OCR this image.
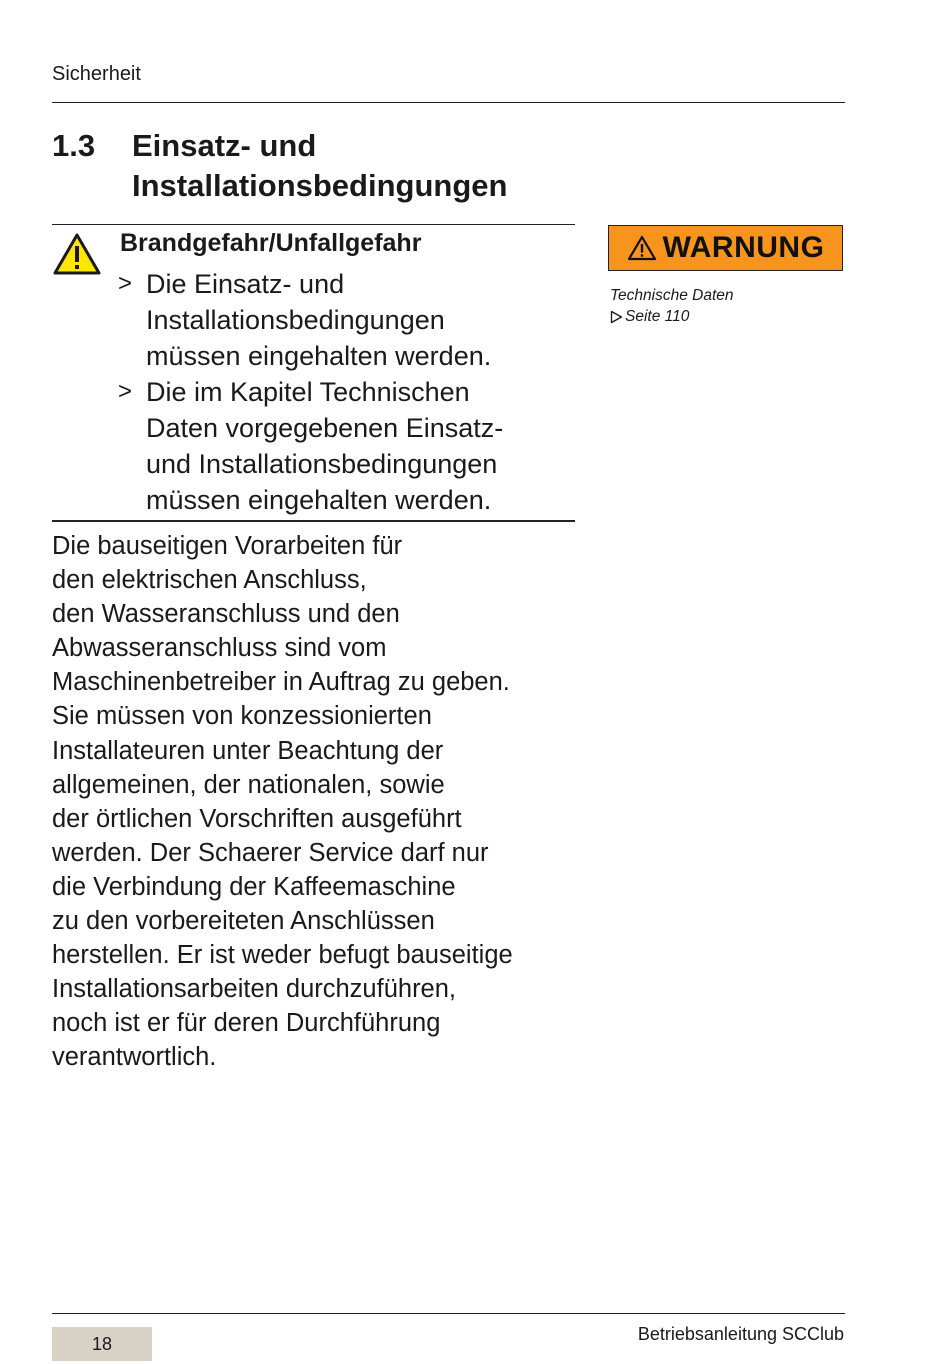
Sicherheit
1.3 Einsatz- und
Installationsbedingungen
Brandgefahr/Unfallgefahr
> Die Einsatz- und
Installationsbedingungen
müssen eingehalten werden.
> Die im Kapitel Technischen
Daten vorgegebenen Einsatz-
und Installationsbedingungen
müssen eingehalten werden.
Die bauseitigen Vorarbeiten für
den elektrischen Anschluss,
den Wasseranschluss und den
Abwasseranschluss sind vom
Maschinenbetreiber in Auftrag zu geben.
Sie müssen von konzessionierten
Installateuren unter Beachtung der
allgemeinen, der nationalen, sowie
der örtlichen Vorschriften ausgeführt
werden. Der Schaerer Service darf nur
die Verbindung der Kaffeemaschine
zu den vorbereiteten Anschlüssen
herstellen. Er ist weder befugt bauseitige
Installationsarbeiten durchzuführen,
noch ist er für deren Durchführung
verantwortlich.
WARNUNG
Technische Daten
Seite 110
18	Betriebsanleitung SCClub
